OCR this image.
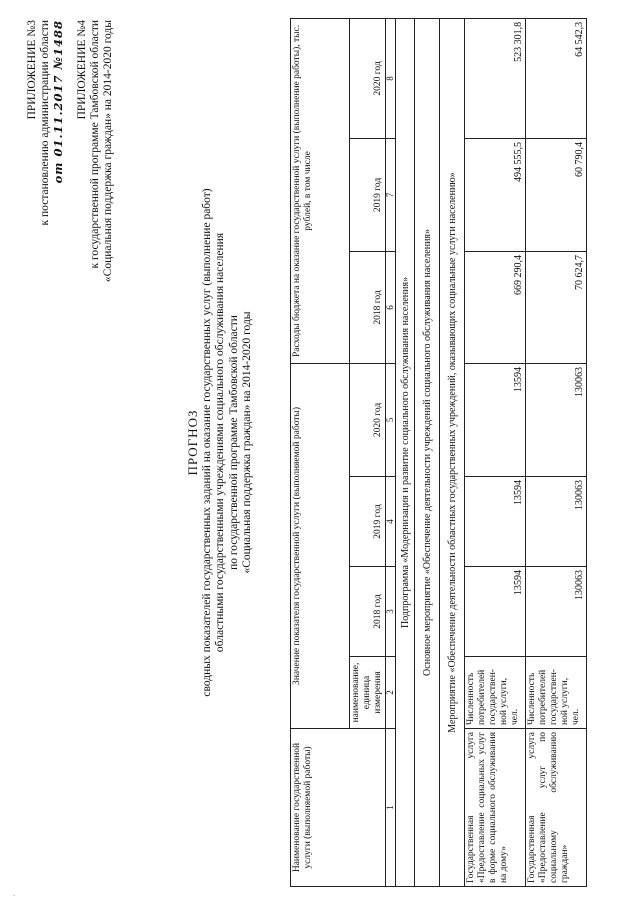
·
ПРИЛОЖЕНИЕ №3 к постановлению администрации области от 01.11.2017 №1488 ПРИЛОЖЕНИЕ №4 к государственной программе Тамбовской области «Социальная поддержка граждан» на 2014-2020 годы
ПРОГНОЗ сводных показателей государственных заданий на оказание государственных услуг (выполнение работ) областными государственными учреждениями социального обслуживания населения по государственной программе Тамбовской области «Социальная поддержка граждан» на 2014-2020 годы
Наименование государственной услуги (выполняемой работы)	Значение показателя государственной услуги (выполняемой работы)				Расходы бюджета на оказание государственной услуги (выполнение работы), тыс. рублей, в том числе		
	наименование, единица измерения	2018 год	2019 год	2020 год	2018 год	2019 год	2020 год
1	2	3	4	5	6	7	8
Подпрограмма «Модернизация и развитие социального обслуживания населения»							
Основное мероприятие «Обеспечение деятельности учреждений социального обслуживания населения»							
Мероприятие «Обеспечение деятельности областных государственных учреждений, оказывающих социальные услуги населению»							
Государственная услуга «Предоставление социальных услуг в форме социального обслуживания на дому»	Численность потребителей государствен- ной услуги, чел.	13594	13594	13594	669 290,4	494 555,5	523 301,8
Государственная услуга «Предоставление услуг по социальному обслуживанию граждан»	Численность потребителей государствен- ной услуги, чел.	130063	130063	130063	70 624,7	60 790,4	64 542,3
